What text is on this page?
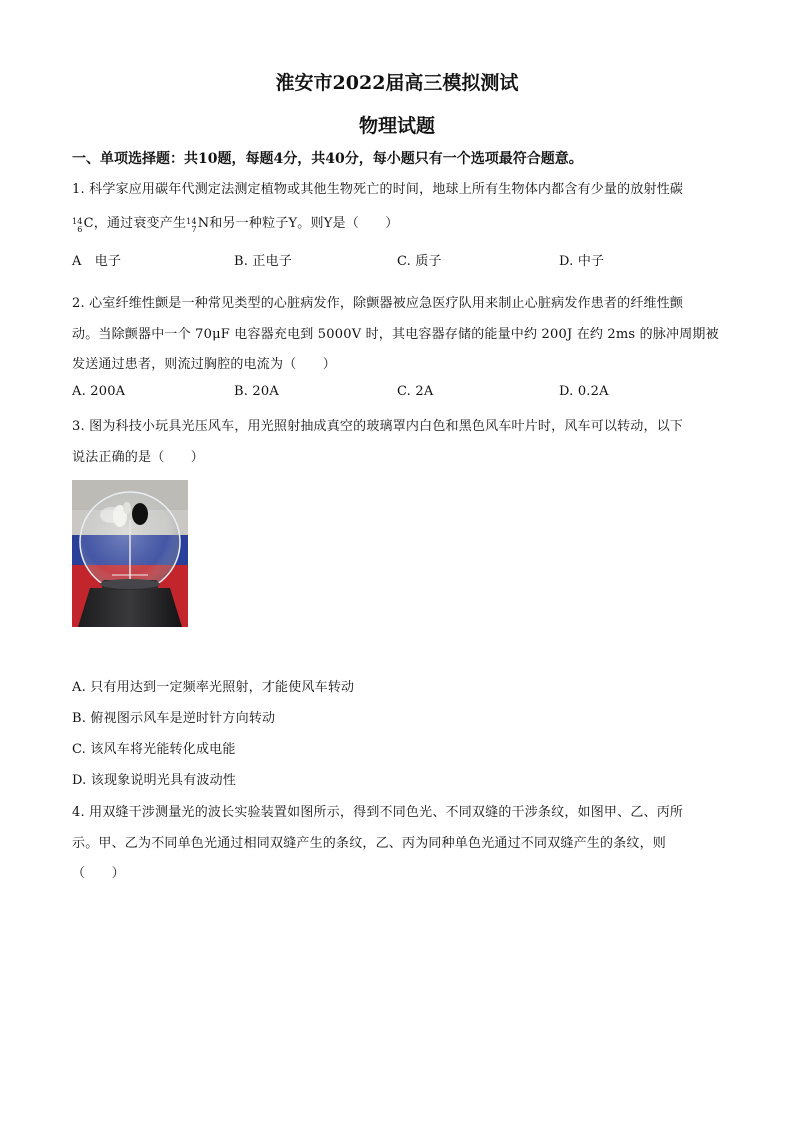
淮安市2022届高三模拟测试
物理试题
一、单项选择题：共10题，每题4分，共40分，每小题只有一个选项最符合题意。
1. 科学家应用碳年代测定法测定植物或其他生物死亡的时间，地球上所有生物体内都含有少量的放射性碳
14
6 C，通过衰变产生 14
7 N和另一种粒子Y。则Y是（　　）
A　电子	B. 正电子	C. 质子	D. 中子
2. 心室纤维性颤是一种常见类型的心脏病发作，除颤器被应急医疗队用来制止心脏病发作患者的纤维性颤
动。当除颤器中一个 70μF 电容器充电到 5000V 时，其电容器存储的能量中约 200J 在约 2ms 的脉冲周期被
发送通过患者，则流过胸腔的电流为（　　）
A. 200A	B. 20A	C. 2A	D. 0.2A
3. 图为科技小玩具光压风车，用光照射抽成真空的玻璃罩内白色和黑色风车叶片时，风车可以转动，以下
说法正确的是（　　）
A. 只有用达到一定频率光照射，才能使风车转动
B. 俯视图示风车是逆时针方向转动
C. 该风车将光能转化成电能
D. 该现象说明光具有波动性
4. 用双缝干涉测量光的波长实验装置如图所示，得到不同色光、不同双缝的干涉条纹，如图甲、乙、丙所
示。甲、乙为不同单色光通过相同双缝产生的条纹，乙、丙为同种单色光通过不同双缝产生的条纹，则
（　　）
